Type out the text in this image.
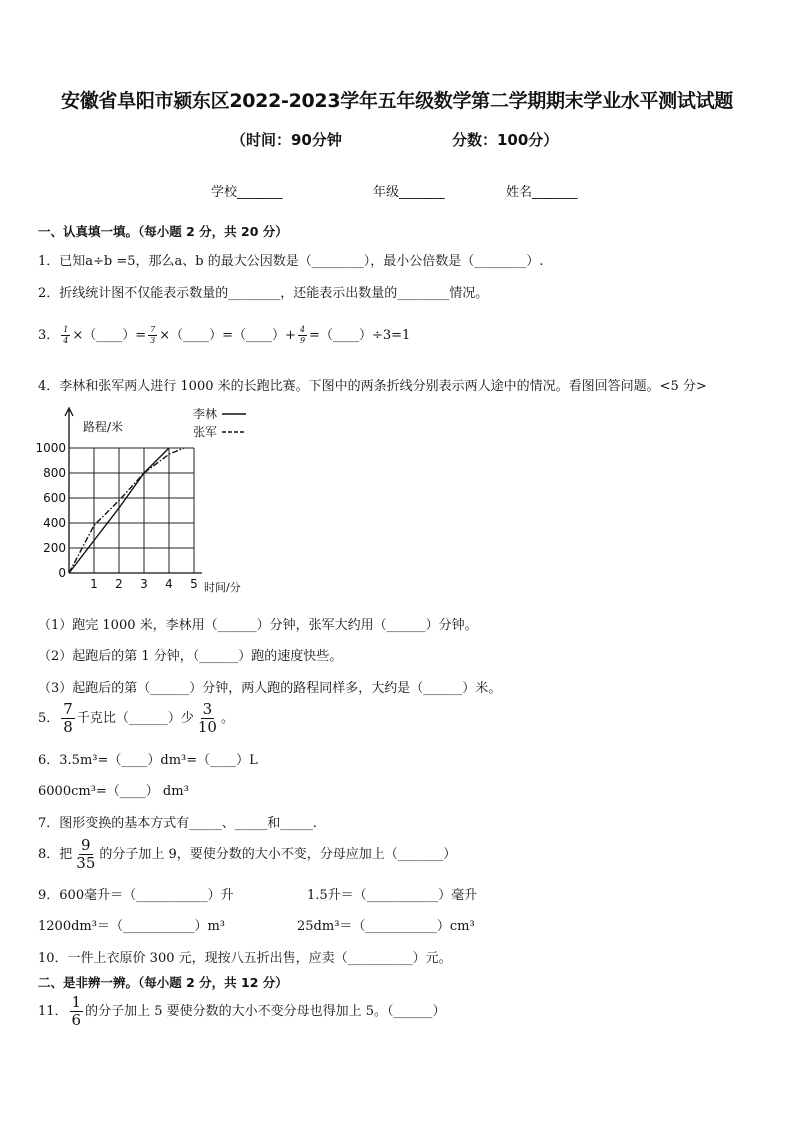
安徽省阜阳市颍东区2022-2023学年五年级数学第二学期期末学业水平测试试题
（时间：90分钟	分数：100分）
学校_______	年级_______	姓名_______
一、认真填一填。（每小题 2 分，共 20 分）
1．已知a÷b =5，那么a、b 的最大公因数是（________），最小公倍数是（________）.
2．折线统计图不仅能表示数量的________，还能表示出数量的________情况。
3． $\frac{1}{4}$ ×（____）= $\frac{7}{3}$ ×（____）=（____）+ $\frac{4}{9}$ =（____）÷3=1
4．李林和张军两人进行 1000 米的长跑比赛。下图中的两条折线分别表示两人途中的情况。看图回答问题。<5 分>
0
200
400
600
800
1000
1 2 3 4 5
路程/米
时间/分
李林
张军
（1）跑完 1000 米，李林用（______）分钟，张军大约用（______）分钟。
（2）起跑后的第 1 分钟，（______）跑的速度快些。
（3）起跑后的第（______）分钟，两人跑的路程同样多，大约是（______）米。
5． $\frac{7}{8}$ 千克比（______）少 $\frac{3}{10}$ 。
6．3.5m³=（____）dm³=（____）L
6000cm³=（____） dm³
7．图形变换的基本方式有_____、_____和_____.
8．把 $\frac{9}{35}$ 的分子加上 9，要使分数的大小不变，分母应加上（_______）
9．600毫升＝（___________）升	1.5升＝（___________）毫升
1200dm³＝（___________）m³	25dm³＝（___________）cm³
10．一件上衣原价 300 元，现按八五折出售，应卖（__________）元。
二、是非辨一辨。（每小题 2 分，共 12 分）
11． $\frac{1}{6}$ 的分子加上 5 要使分数的大小不变分母也得加上 5。（______）
